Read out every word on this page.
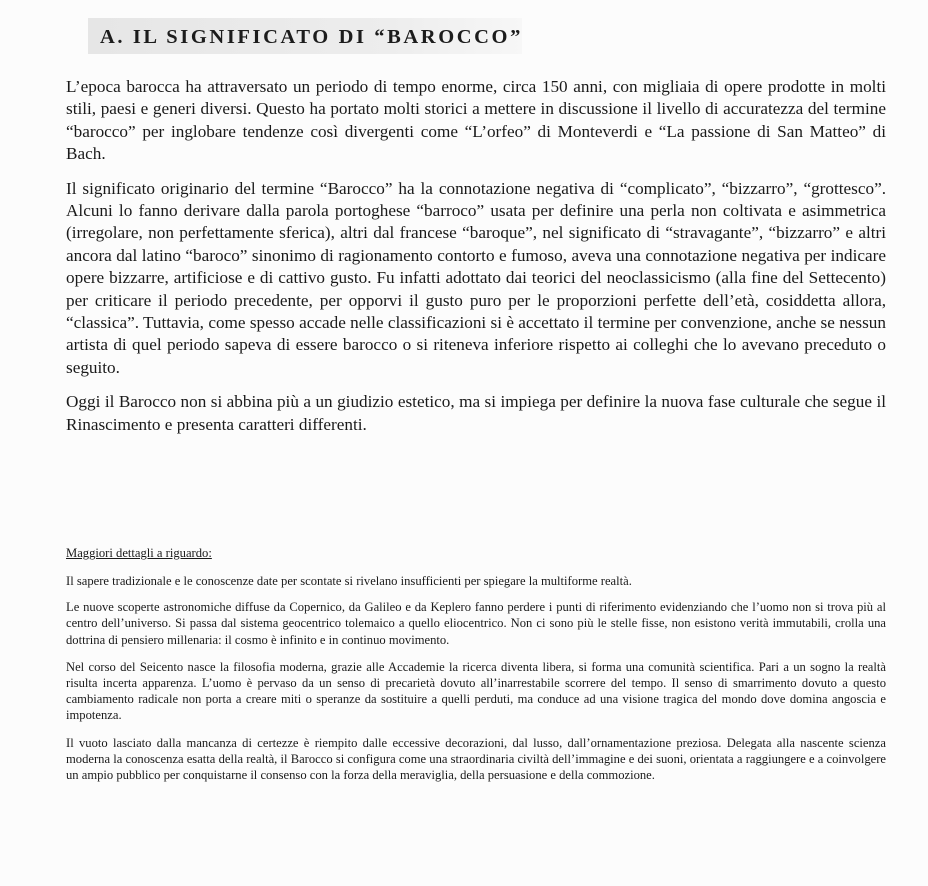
A. IL SIGNIFICATO DI “BAROCCO”

L’epoca barocca ha attraversato un periodo di tempo enorme, circa 150 anni, con migliaia di opere prodotte in molti stili, paesi e generi diversi. Questo ha portato molti storici a mettere in discussione il livello di accuratezza del termine “barocco” per inglobare tendenze così divergenti come “L’orfeo” di Monteverdi e “La passione di San Matteo” di Bach.

Il significato originario del termine “Barocco” ha la connotazione negativa di “complicato”, “bizzarro”, “grottesco”. Alcuni lo fanno derivare dalla parola portoghese “barroco” usata per definire una perla non coltivata e asimmetrica (irregolare, non perfettamente sferica), altri dal francese “baroque”, nel significato di “stravagante”, “bizzarro” e altri ancora dal latino “baroco” sinonimo di ragionamento contorto e fumoso, aveva una connotazione negativa per indicare opere bizzarre, artificiose e di cattivo gusto. Fu infatti adottato dai teorici del neoclassicismo (alla fine del Settecento) per criticare il periodo precedente, per opporvi il gusto puro per le proporzioni perfette dell’età, cosiddetta allora, “classica”. Tuttavia, come spesso accade nelle classificazioni si è accettato il termine per convenzione, anche se nessun artista di quel periodo sapeva di essere barocco o si riteneva inferiore rispetto ai colleghi che lo avevano preceduto o seguito.

Oggi il Barocco non si abbina più a un giudizio estetico, ma si impiega per definire la nuova fase culturale che segue il Rinascimento e presenta caratteri differenti.

Maggiori dettagli a riguardo:

Il sapere tradizionale e le conoscenze date per scontate si rivelano insufficienti per spiegare la multiforme realtà.

Le nuove scoperte astronomiche diffuse da Copernico, da Galileo e da Keplero fanno perdere i punti di riferimento evidenziando che l’uomo non si trova più al centro dell’universo. Si passa dal sistema geocentrico tolemaico a quello eliocentrico. Non ci sono più le stelle fisse, non esistono verità immutabili, crolla una dottrina di pensiero millenaria: il cosmo è infinito e in continuo movimento.

Nel corso del Seicento nasce la filosofia moderna, grazie alle Accademie la ricerca diventa libera, si forma una comunità scientifica. Pari a un sogno la realtà risulta incerta apparenza. L’uomo è pervaso da un senso di precarietà dovuto all’inarrestabile scorrere del tempo. Il senso di smarrimento dovuto a questo cambiamento radicale non porta a creare miti o speranze da sostituire a quelli perduti, ma conduce ad una visione tragica del mondo dove domina angoscia e impotenza.

Il vuoto lasciato dalla mancanza di certezze è riempito dalle eccessive decorazioni, dal lusso, dall’ornamentazione preziosa. Delegata alla nascente scienza moderna la conoscenza esatta della realtà, il Barocco si configura come una straordinaria civiltà dell’immagine e dei suoni, orientata a raggiungere e a coinvolgere un ampio pubblico per conquistarne il consenso con la forza della meraviglia, della persuasione e della commozione.
